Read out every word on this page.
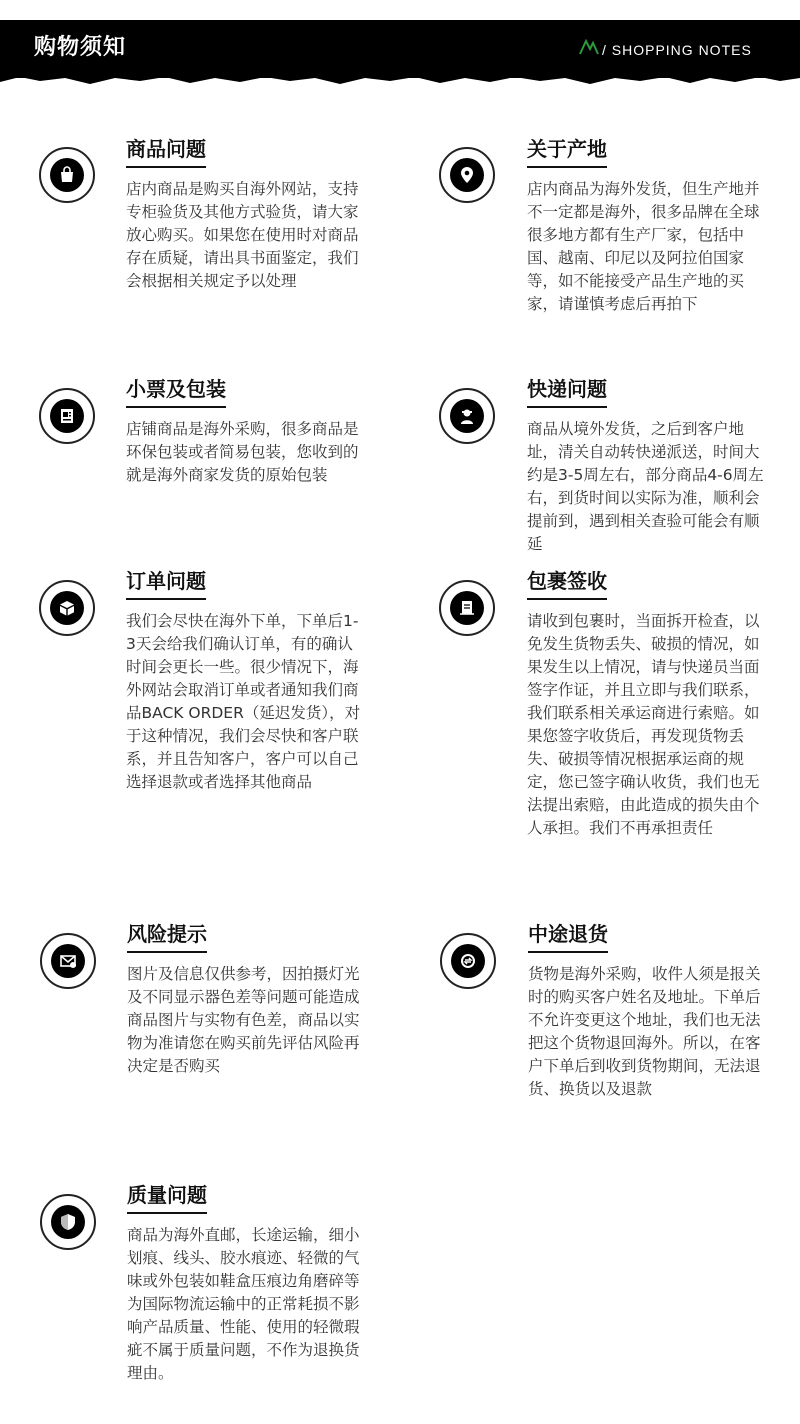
购物须知	/ SHOPPING NOTES
商品问题
店内商品是购买自海外网站，支持专柜验货及其他方式验货，请大家放心购买。如果您在使用时对商品存在质疑，请出具书面鉴定，我们会根据相关规定予以处理
关于产地
店内商品为海外发货，但生产地并不一定都是海外，很多品牌在全球很多地方都有生产厂家，包括中国、越南、印尼以及阿拉伯国家等，如不能接受产品生产地的买家，请谨慎考虑后再拍下
小票及包装
店铺商品是海外采购，很多商品是环保包装或者简易包装，您收到的就是海外商家发货的原始包装
快递问题
商品从境外发货，之后到客户地址，清关自动转快递派送，时间大约是3-5周左右，部分商品4-6周左右，到货时间以实际为准，顺利会提前到，遇到相关查验可能会有顺延
订单问题
我们会尽快在海外下单，下单后1-3天会给我们确认订单，有的确认时间会更长一些。很少情况下，海外网站会取消订单或者通知我们商品BACK ORDER（延迟发货），对于这种情况，我们会尽快和客户联系，并且告知客户，客户可以自己选择退款或者选择其他商品
包裹签收
请收到包裹时，当面拆开检查，以免发生货物丢失、破损的情况，如果发生以上情况，请与快递员当面签字作证，并且立即与我们联系，我们联系相关承运商进行索赔。如果您签字收货后，再发现货物丢失、破损等情况根据承运商的规定，您已签字确认收货，我们也无法提出索赔，由此造成的损失由个人承担。我们不再承担责任
风险提示
图片及信息仅供参考，因拍摄灯光及不同显示器色差等问题可能造成商品图片与实物有色差，商品以实物为准请您在购买前先评估风险再决定是否购买
中途退货
货物是海外采购，收件人须是报关时的购买客户姓名及地址。下单后不允许变更这个地址，我们也无法把这个货物退回海外。所以，在客户下单后到收到货物期间，无法退货、换货以及退款
质量问题
商品为海外直邮，长途运输，细小划痕、线头、胶水痕迹、轻微的气味或外包装如鞋盒压痕边角磨碎等为国际物流运输中的正常耗损不影响产品质量、性能、使用的轻微瑕疵不属于质量问题，不作为退换货理由。
